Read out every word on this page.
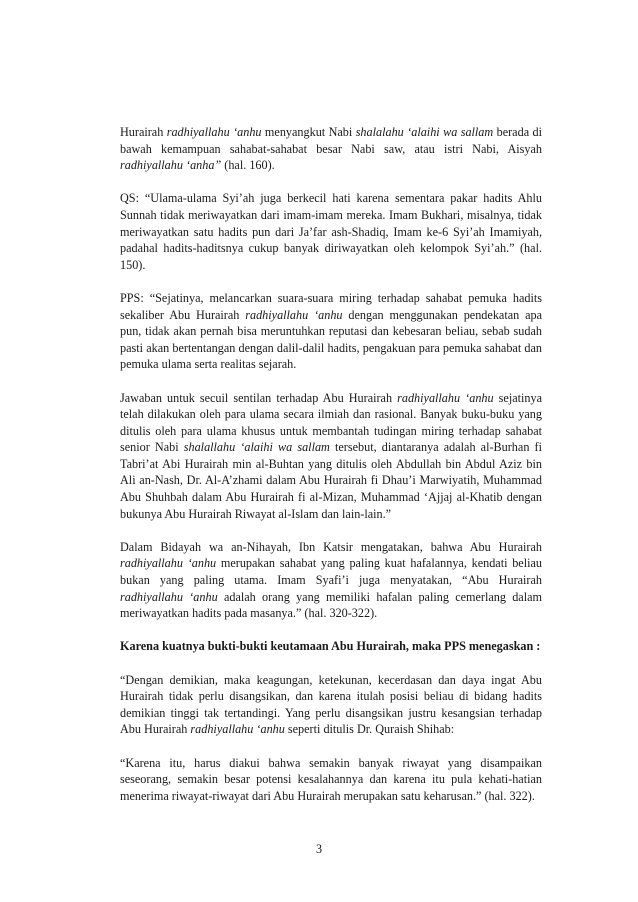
Hurairah radhiyallahu ‘anhu menyangkut Nabi shalalahu ‘alaihi wa sallam berada di bawah kemampuan sahabat-sahabat besar Nabi saw, atau istri Nabi, Aisyah radhiyallahu ‘anha” (hal. 160).

QS: “Ulama-ulama Syi’ah juga berkecil hati karena sementara pakar hadits Ahlu Sunnah tidak meriwayatkan dari imam-imam mereka. Imam Bukhari, misalnya, tidak meriwayatkan satu hadits pun dari Ja’far ash-Shadiq, Imam ke-6 Syi’ah Imamiyah, padahal hadits-haditsnya cukup banyak diriwayatkan oleh kelompok Syi’ah.” (hal. 150).

PPS: “Sejatinya, melancarkan suara-suara miring terhadap sahabat pemuka hadits sekaliber Abu Hurairah radhiyallahu ‘anhu dengan menggunakan pendekatan apa pun, tidak akan pernah bisa meruntuhkan reputasi dan kebesaran beliau, sebab sudah pasti akan bertentangan dengan dalil-dalil hadits, pengakuan para pemuka sahabat dan pemuka ulama serta realitas sejarah.

Jawaban untuk secuil sentilan terhadap Abu Hurairah radhiyallahu ‘anhu sejatinya telah dilakukan oleh para ulama secara ilmiah dan rasional. Banyak buku-buku yang ditulis oleh para ulama khusus untuk membantah tudingan miring terhadap sahabat senior Nabi shalallahu ‘alaihi wa sallam tersebut, diantaranya adalah al-Burhan fi Tabri’at Abi Hurairah min al-Buhtan yang ditulis oleh Abdullah bin Abdul Aziz bin Ali an-Nash, Dr. Al-A’zhami dalam Abu Hurairah fi Dhau’i Marwiyatih, Muhammad Abu Shuhbah dalam Abu Hurairah fi al-Mizan, Muhammad ‘Ajjaj al-Khatib dengan bukunya Abu Hurairah Riwayat al-Islam dan lain-lain.”

Dalam Bidayah wa an-Nihayah, Ibn Katsir mengatakan, bahwa Abu Hurairah radhiyallahu ‘anhu merupakan sahabat yang paling kuat hafalannya, kendati beliau bukan yang paling utama. Imam Syafi’i juga menyatakan, “Abu Hurairah radhiyallahu ‘anhu adalah orang yang memiliki hafalan paling cemerlang dalam meriwayatkan hadits pada masanya.” (hal. 320-322).

Karena kuatnya bukti-bukti keutamaan Abu Hurairah, maka PPS menegaskan :

“Dengan demikian, maka keagungan, ketekunan, kecerdasan dan daya ingat Abu Hurairah tidak perlu disangsikan, dan karena itulah posisi beliau di bidang hadits demikian tinggi tak tertandingi. Yang perlu disangsikan justru kesangsian terhadap Abu Hurairah radhiyallahu ‘anhu seperti ditulis Dr. Quraish Shihab:

“Karena itu, harus diakui bahwa semakin banyak riwayat yang disampaikan seseorang, semakin besar potensi kesalahannya dan karena itu pula kehati-hatian menerima riwayat-riwayat dari Abu Hurairah merupakan satu keharusan.” (hal. 322).

3
